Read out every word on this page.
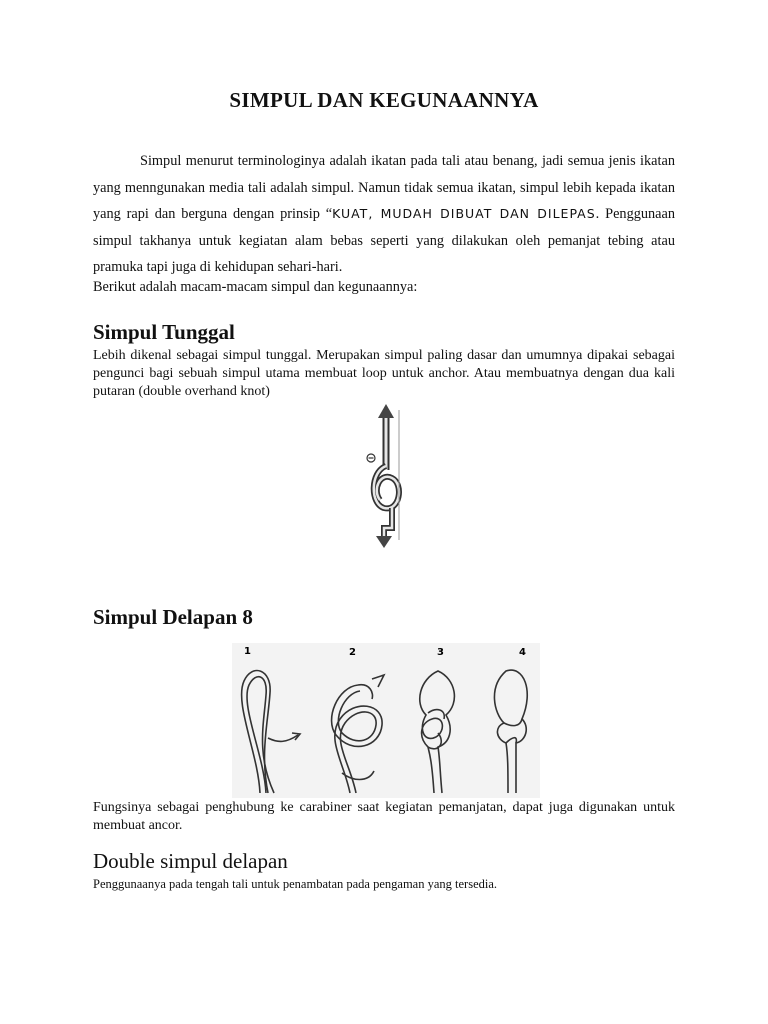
SIMPUL DAN KEGUNAANNYA

Simpul menurut terminologinya adalah ikatan pada tali atau benang, jadi semua jenis ikatan yang menngunakan media tali adalah simpul. Namun tidak semua ikatan, simpul lebih kepada ikatan yang rapi dan berguna dengan prinsip “KUAT, MUDAH DIBUAT DAN DILEPAS. Penggunaan simpul takhanya untuk kegiatan alam bebas seperti yang dilakukan oleh pemanjat tebing atau pramuka tapi juga di kehidupan sehari-hari.

Berikut adalah macam-macam simpul dan kegunaannya:
Simpul Tunggal
Lebih dikenal sebagai simpul tunggal. Merupakan simpul paling dasar dan umumnya dipakai sebagai pengunci bagi sebuah simpul utama membuat loop untuk anchor. Atau membuatnya dengan dua kali putaran (double overhand knot)
Simpul Delapan 8
1	2	3	4
Fungsinya sebagai penghubung ke carabiner saat kegiatan pemanjatan, dapat juga digunakan untuk membuat ancor.
Double simpul delapan
Penggunaanya pada tengah tali untuk penambatan pada pengaman yang tersedia.
